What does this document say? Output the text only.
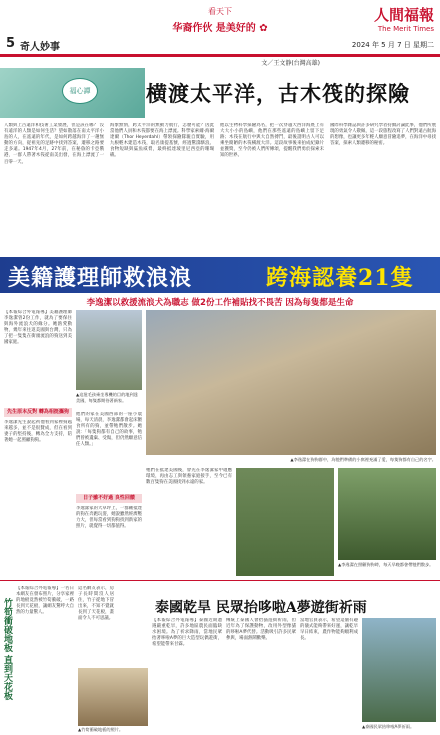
5 奇人妙事
看天下
华裔作伙 是美好的 ✿
人間福報
The Merit Times
2024 年 5 月 7 日 星期二
文／王文静(台灣高雄)
福心譚	横渡太平洋，古木筏的探險
人類與上古遠洋和技術工業發展，但是該在哪？ 沒有遠洋的人類是如何生活？望如散落在南太平洋小島的人，在遙遠的年代，是如何跨越海洋了一趟無動的方向，從祖先的足跡中找到答案，遷移之路要走多遠。1947年4月，27年前，在秘魯的卡亞俄港，一群人帶著木筏從南美出發，在海上漂流了一百零一天。
海象無情，跨太平洋的無動力航行，怎麼可能？因此當他們人員和木筏都要在海上漂流。科學家索爾·海爾達爾（Thor Heyerdahl）帶領探險隊親自實驗，用九根輕木建造木筏，取名康提基號，經過驚濤駭浪、食物短缺與鯊魚威脅，最終抵達玻里尼西亞的珊瑚礁。
他以生物科學探險為名，把一次穿越大西洋海底上有大大小小的島嶼，他們在那些遙遠的島嶼上留下足跡；木筏在航行中與大自然搏鬥，最後證明古人可以乘坐簡陋的木筏橫渡大洋。這段故事後來拍成紀錄片並獲獎，至今仍被人們所傳頌，提醒我們勇於探索未知的世界。
國際科學雜誌與許多研究學者持續討論此事，他們所展現的勇氣令人敬佩，這一段旅程改寫了人們對遠古航海的想像，也讓更多年輕人願意冒險追夢，在海洋中尋找答案，探索人類遷移的秘密。
美籍護理師救浪浪	跨海認養21隻
李逸潔以救援流浪犬為職志 做2份工作補貼找不畏苦 因為每隻都是生命
【本報綜合外電報導】美籍護理師李逸潔曾2份工作，就為了要保住與海外流浪犬的緣分。她熱愛動物，幾年來往返美國與台灣，只為了把一隻隻在街頭流浪的狗送到美國家庭。
先生原本反對 轉為相挺攜狗
李逸潔先生說起初他看到家裡狗越來越多，並不是很贊成，但在看到妻子的堅持後，轉為全力支持，陪著她一起照顧狗狗。
▲這批毛孩乘坐專機的目的地到達美國，每隻都期待著新家。
他們的家在美國西部的一座小農場，每天清晨，李逸潔都會起床餵食所有的狗，並帶牠們散步。她說：「每隻狗都有自己的故事，牠們曾被遺棄、受傷，但仍然願意信任人類。」
日子雖不好過 良性回饋
李逸潔家的大草坪上，一群剛抵達的狗在奔跑玩耍，她說雖然經濟壓力大，但每當看到狗狗找到新家的照片，就覺得一切都值得。
▲李逸潔在狗狗群中，為牠們準備的小窩裡充滿了愛，每隻狗都有自己的名字。
牠們在抵達美國後，會先在李逸潔家中適應環境，再由志工與領養家庭接手，至今已有數百隻狗在美國找到永遠的家。
▲李逸潔在照顧狗狗時，每天早晚都會帶牠們散步。
竹筍衝破地板 直到天花板
【本報綜合外電報導】一名日本網友在發布照片，分享家裡的地板竟然被竹筍衝破，一路長到天花板，讓網友驚呼大自然的力量驚人。
這名網友表示，房子長時間沒人居住，竹子從地下冒出來，不知不覺就長到了天花板，畫面令人不可思議。
▲竹筍衝破地板的照片。
泰國乾旱 民眾抬哆啦A夢遊街祈雨
【本報綜合外電報導】泰國近期遭遇嚴重乾旱，許多地區農民面臨缺水困境。為了祈求降雨，當地民眾抬著哆啦A夢的巨大造型玩偶遊街，希望能帶來甘霖。
傳統上泰國人會抬貓遊街祈雨，但近年為了保護動物，改用外型像貓的哆啦A夢代替。活動吸引許多民眾參與，場面熱鬧歡樂。
當地官員表示，希望這個有趣的儀式能夠帶來好運，讓乾旱早日結束，農作物能夠順利成長。
▲泰國民眾抬哆啦A夢祈雨。
